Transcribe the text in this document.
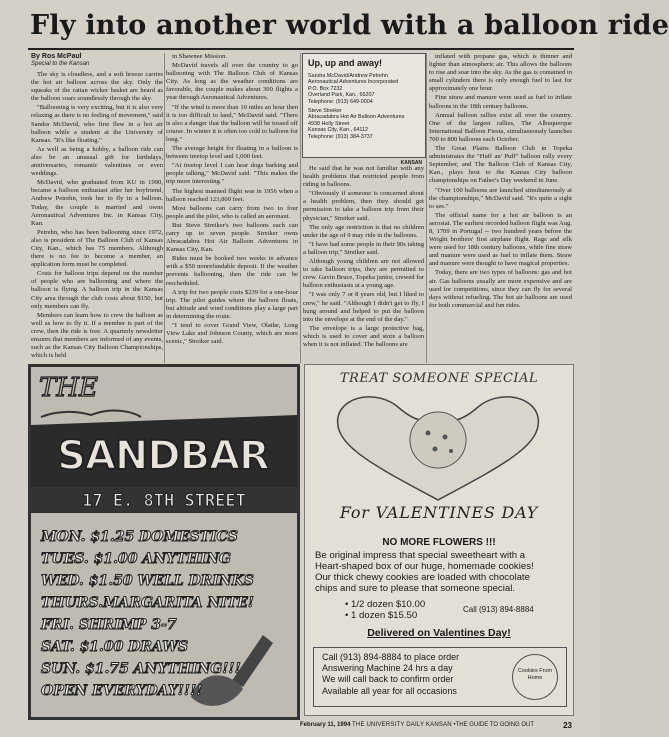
Fly into another world with a balloon ride
By Ros McPaul
Special to the Kansan

The sky is cloudless, and a soft breeze carries the hot air balloon across the sky. Only the squeaks of the rattan wicker basket are heard as the balloon soars soundlessly through the sky.

"Ballooning is very exciting, but it is also very relaxing as there is no feeling of movement," said Sandra McDavid, who first flew in a hot air balloon while a student at the University of Kansas. "It's like floating."

As well as being a hobby, a balloon ride can also be an unusual gift for birthdays, anniversaries, romantic valentines or even weddings.

McDavid, who graduated from KU in 1990, became a balloon enthusiast after her boyfriend, Andrew Petrehn, took her to fly in a balloon. Today, the couple is married and owns Aeronautical Adventures Inc. in Kansas City, Kan.

Petrehn, who has been ballooning since 1972, also is president of The Balloon Club of Kansas City, Kan., which has 75 members. Although there is no fee to become a member, an application form must be completed.

Costs for balloon trips depend on the number of people who are ballooning and where the balloon is flying. A balloon trip in the Kansas City area through the club costs about $150, but only members can fly.

Members can learn how to crew the balloon as well as how to fly it. If a member is part of the crew, then the ride is free. A quarterly newsletter ensures that members are informed of any events, such as the Kansas City Balloon Championships, which is held

in Shawnee Mission.

McDavid travels all over the country to go ballooning with The Balloon Club of Kansas City. As long as the weather conditions are favorable, the couple makes about 300 flights a year through Aeronautical Adventures.

"If the wind is more than 10 miles an hour then it is too difficult to land," McDavid said. "There is also a danger that the balloon will be tossed off course. In winter it is often too cold to balloon for long."

The average height for floating in a balloon is between treetop level and 1,000 feet.

"At treetop level I can hear dogs barking and people talking," McDavid said. "This makes the trip more interesting."

The highest manned flight was in 1956 when a balloon reached 123,800 feet.

Most balloons can carry from two to four people and the pilot, who is called an aeronaut.

But Steve Streiker's two balloons each can carry up to seven people. Streiker owns Abracadabra Hot Air Balloon Adventures in Kansas City, Kan.

Rides must be booked two weeks in advance with a $50 nonrefundable deposit. If the weather prevents ballooning, then the ride can be rescheduled.

A trip for two people costs $239 for a one-hour trip. The pilot guides where the balloon floats, but altitude and wind conditions play a large part in determining the route.

"I tend to cover Grand View, Olathe, Long View Lake and Johnson County, which are more scenic," Streiker said.

Up, up and away!
Sandra McDavid/Andrew Petrehn
Aeronautical Adventures Incorporated
P.O. Box 7232
Overland Park, Kan., 66207
Telephone: (913) 649-0004
Steve Streiker
Abracadabra Hot Air Balloon Adventures
4938 Holly Street
Kansas City, Kan., 64112
Telephone: (913) 384-3737
KANSAN

He said that he was not familiar with any health problems that restricted people from riding in balloons.

"Obviously if someone is concerned about a health problem, then they should get permission to take a balloon trip from their physician," Streiker said.

The only age restriction is that no children under the age of 9 may ride in the balloons.

"I have had some people in their 90s taking a balloon trip," Streiker said.

Although young children are not allowed to take balloon trips, they are permitted to crew. Gavin Bruce, Topeka junior, crewed for balloon enthusiasts at a young age.

"I was only 7 or 8 years old, but I liked to crew," he said. "Although I didn't get to fly, I hung around and helped to put the balloon into the envelope at the end of the day."

The envelope is a large protective bag, which is used to cover and store a balloon when it is not inflated. The balloons are

inflated with propane gas, which is thinner and lighter than atmospheric air. This allows the balloons to rise and soar into the sky. As the gas is contained in small cylinders there is only enough fuel to last for approximately one hour.

Fine straw and manure were used as fuel to inflate balloons in the 18th century balloons.

Annual balloon rallies exist all over the country. One of the largest rallies, The Albuquerque International Balloon Fiesta, simultaneously launches 700 to 800 balloons each October.

The Great Plains Balloon Club in Topeka administrates the "Huff an' Puff" balloon rally every September, and The Balloon Club of Kansas City, Kan., plays host to the Kansas City balloon championships on Father's Day weekend in June.

"Over 100 balloons are launched simultaneously at the championships," McDavid said. "It's quite a sight to see."

The official name for a hot air balloon is an aerostat. The earliest recorded balloon flight was Aug. 8, 1709 in Portugal -- two hundred years before the Wright brothers' first airplane flight. Rags and silk were used for 18th century balloons, while fine straw and manure were used as fuel to inflate them. Straw and manure were thought to have magical properties.

Today, there are two types of balloons: gas and hot air. Gas balloons usually are more expensive and are used for competitions, since they can fly for several days without refueling. The hot air balloons are used for both commercial and fun rides.

THE
SANDBAR
17 E. 8TH STREET
MON. $1.25 DOMESTICS
TUES. $1.00 ANYTHING
WED. $1.50 WELL DRINKS
THURS.MARGARITA NITE!
FRI. SHRIMP 3-7
SAT. $1.00 DRAWS
SUN. $1.75 ANYTHING!!!
OPEN EVERYDAY!!!!
TREAT SOMEONE SPECIAL
For VALENTINES DAY
NO MORE FLOWERS !!!
Be original impress that special sweetheart with a
Heart-shaped box of our huge, homemade cookies!
Our thick chewy cookies are loaded with chocolate
chips and sure to please that someone special.
• 1/2 dozen $10.00
• 1 dozen $15.50	Call (913) 894-8884
Delivered on Valentines Day!
Call (913) 894-8884 to place order
Answering Machine 24 hrs a day
We will call back to confirm order
Available all year for all occasions
Cookies From Home
February 11, 1994 THE UNIVERSITY DAILY KANSAN •THE GUIDE TO GOING OUT	23
